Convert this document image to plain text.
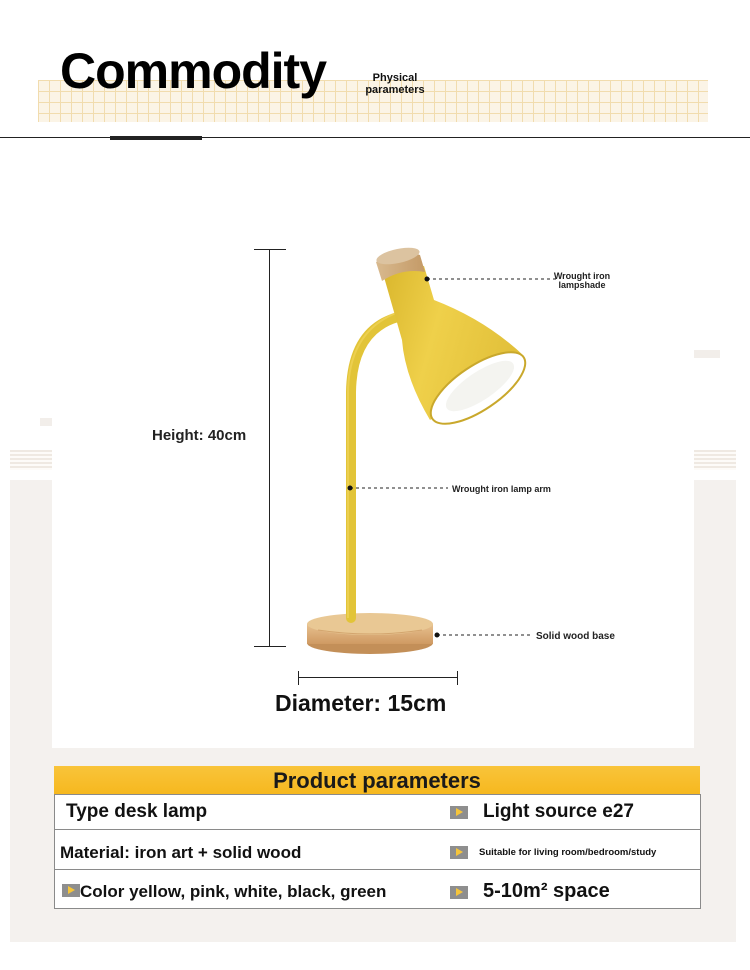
Commodity	Physical parameters
Height: 40cm
Diameter: 15cm
Wrought iron lampshade
Wrought iron lamp arm
Solid wood base
Product parameters
Type desk lamp	Light source e27
Material: iron art + solid wood	Suitable for living room/bedroom/study
Color yellow, pink, white, black, green	5-10m² space
